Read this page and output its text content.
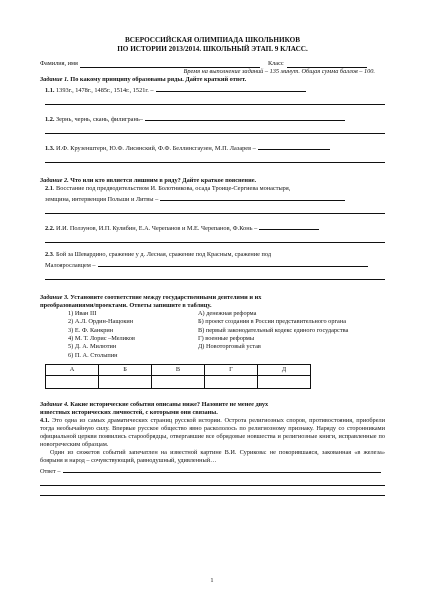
ВСЕРОССИЙСКАЯ ОЛИМПИАДА ШКОЛЬНИКОВ
ПО ИСТОРИИ 2013/2014. ШКОЛЬНЫЙ ЭТАП. 9 КЛАСС.
Фамилия, имя	Класс
Время на выполнение заданий – 135 минут. Общая сумма баллов – 100.
Задание 1. По какому принципу образованы ряды. Дайте краткий ответ.
1.1. 1393г., 1478г., 1485г., 1514г., 1521г. –
1.2. Зернь, чернь, скань, филигрань–
1.3. И.Ф. Крузенштерн, Ю.Ф. Лисянский, Ф.Ф. Беллинсгаузен, М.П. Лазарев –
Задание 2. Что или кто является лишним в ряду? Дайте краткое пояснение.
2.1. Восстание под предводительством И. Болотникова, осада Троице-Сергиева монастыря,
земщина, интервенция Польши и Литвы –
2.2. И.И. Ползунов, И.П. Кулибин, Е.А. Черепанов и М.Е. Черепанов, Ф.Конь –
2.3. Бой за Шевардино, сражение у д. Лесная, сражение под Красным, сражение под
Малоярославцем –
Задание 3. Установите соответствие между государственными деятелями и их
преобразованиями/проектами. Ответы запишите в таблицу.
1) Иван III
2) А.Л. Ордин-Нащокин
3) Е. Ф. Канкрин
4) М. Т. Лорис –Меликов
5) Д. А. Милютин
6) П. А. Столыпин
А) денежная реформа
Б) проект создания в России представительного органа
В) первый законодательный кодекс единого государства
Г) военные реформы
Д) Новоторговый устав
А	Б	В	Г	Д

Задание 4. Какие исторические события описаны ниже? Назовите не менее двух
известных исторических личностей, с которыми они связаны.
4.1. Это одна из самых драматических страниц русской истории. Острота религиозных споров, противостояния, приобрели тогда необычайную силу. Впервые русское общество явно раскололось по религиозному признаку. Наряду со сторонниками официальной церкви появились старообрядцы, отвергавшие все обрядовые новшества и религиозные книги, исправленные по новогреческим образцам.
Один из сюжетов событий запечатлен на известной картине В.И. Сурикова: не покорившаяся, закованная «в железа» боярыня и народ – сочувствующий, равнодушный, удивленный…
Ответ –
1
